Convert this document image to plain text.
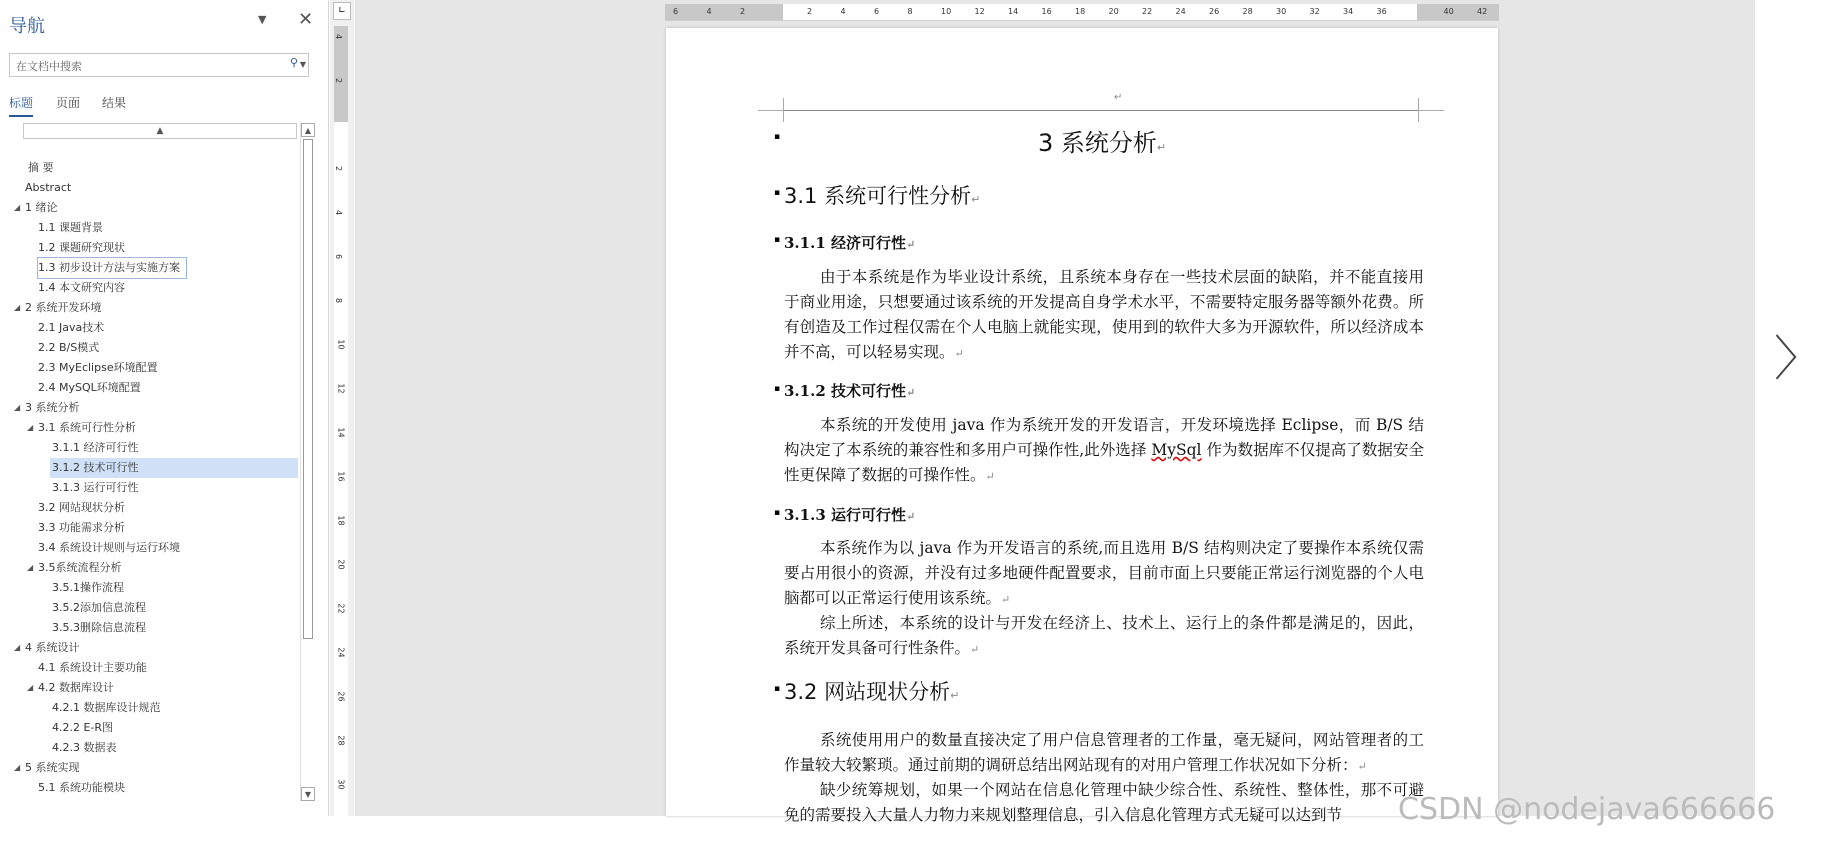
导航	▼ ✕
在文档中搜索	⚲ ▼
标题 页面 结果
▲	▲
▼
摘 要
Abstract
◢ 1 绪论
1.1 课题背景
1.2 课题研究现状
1.3 初步设计方法与实施方案
1.4 本文研究内容
◢ 2 系统开发环境
2.1 Java技术
2.2 B/S模式
2.3 MyEclipse环境配置
2.4 MySQL环境配置
◢ 3 系统分析
◢ 3.1 系统可行性分析
3.1.1 经济可行性
3.1.2 技术可行性
3.1.3 运行可行性
3.2 网站现状分析
3.3 功能需求分析
3.4 系统设计规则与运行环境
◢ 3.5系统流程分析
3.5.1操作流程
3.5.2添加信息流程
3.5.3删除信息流程
◢ 4 系统设计
4.1 系统设计主要功能
◢ 4.2 数据库设计
4.2.1 数据库设计规范
4.2.2 E-R图
4.2.3 数据表
◢ 5 系统实现
5.1 系统功能模块
∟
4
2
2
4
6
8
10
12
14
16
18
20
22
24
26
28
30
6	4	2	2	4	6	8	10	12	14	16	18	20	22	24	26	28	30	32	34	36	40	42
↵
▪	3 系统分析↵
▪ 3.1 系统可行性分析↵
▪ 3.1.1 经济可行性↵
由于本系统是作为毕业设计系统，且系统本身存在一些技术层面的缺陷，并不能直接用于商业用途，只想要通过该系统的开发提高自身学术水平，不需要特定服务器等额外花费。所有创造及工作过程仅需在个人电脑上就能实现，使用到的软件大多为开源软件，所以经济成本并不高，可以轻易实现。↵
▪ 3.1.2 技术可行性↵
本系统的开发使用 java 作为系统开发的开发语言，开发环境选择 Eclipse，而 B/S 结构决定了本系统的兼容性和多用户可操作性,此外选择 MySql 作为数据库不仅提高了数据安全性更保障了数据的可操作性。↵
▪ 3.1.3 运行可行性↵
本系统作为以 java 作为开发语言的系统,而且选用 B/S 结构则决定了要操作本系统仅需要占用很小的资源，并没有过多地硬件配置要求，目前市面上只要能正常运行浏览器的个人电脑都可以正常运行使用该系统。↵
综上所述，本系统的设计与开发在经济上、技术上、运行上的条件都是满足的，因此，系统开发具备可行性条件。↵
▪ 3.2 网站现状分析↵
系统使用用户的数量直接决定了用户信息管理者的工作量，毫无疑问，网站管理者的工作量较大较繁琐。通过前期的调研总结出网站现有的对用户管理工作状况如下分析：↵
缺少统筹规划，如果一个网站在信息化管理中缺少综合性、系统性、整体性，那不可避免的需要投入大量人力物力来规划整理信息，引入信息化管理方式无疑可以达到节
〉
CSDN @nodejava666666
